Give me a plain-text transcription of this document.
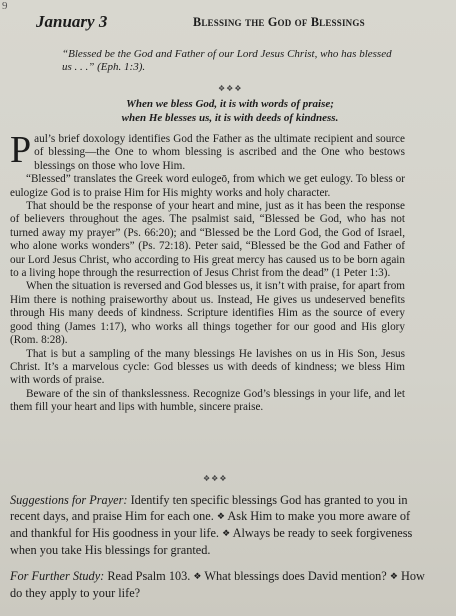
9
January 3	Blessing the God of Blessings
“Blessed be the God and Father of our Lord Jesus Christ, who has blessed us . . .” (Eph. 1:3).
❖❖❖
When we bless God, it is with words of praise;
when He blesses us, it is with deeds of kindness.

Paul’s brief doxology identifies God the Father as the ultimate recipient and source of blessing—the One to whom blessing is ascribed and the One who bestows blessings on those who love Him.

“Blessed” translates the Greek word eulogeō, from which we get eulogy. To bless or eulogize God is to praise Him for His mighty works and holy character.

That should be the response of your heart and mine, just as it has been the response of believers throughout the ages. The psalmist said, “Blessed be God, who has not turned away my prayer” (Ps. 66:20); and “Blessed be the Lord God, the God of Israel, who alone works wonders” (Ps. 72:18). Peter said, “Blessed be the God and Father of our Lord Jesus Christ, who according to His great mercy has caused us to be born again to a living hope through the resurrection of Jesus Christ from the dead” (1 Peter 1:3).

When the situation is reversed and God blesses us, it isn’t with praise, for apart from Him there is nothing praiseworthy about us. Instead, He gives us undeserved benefits through His many deeds of kindness. Scripture identifies Him as the source of every good thing (James 1:17), who works all things together for our good and His glory (Rom. 8:28).

That is but a sampling of the many blessings He lavishes on us in His Son, Jesus Christ. It’s a marvelous cycle: God blesses us with deeds of kindness; we bless Him with words of praise.

Beware of the sin of thankslessness. Recognize God’s blessings in your life, and let them fill your heart and lips with humble, sincere praise.

❖❖❖
Suggestions for Prayer: Identify ten specific blessings God has granted to you in recent days, and praise Him for each one. ❖ Ask Him to make you more aware of and thankful for His goodness in your life. ❖ Always be ready to seek forgiveness when you take His blessings for granted.
For Further Study: Read Psalm 103. ❖ What blessings does David mention? ❖ How do they apply to your life?
